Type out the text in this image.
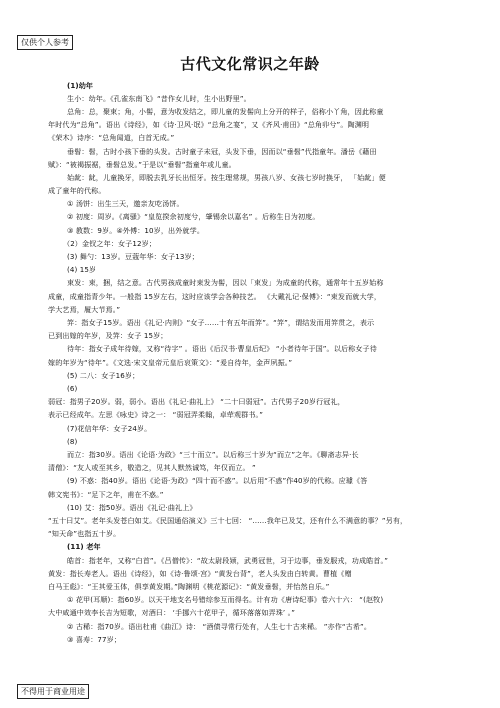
仅供个人参考
古代文化常识之年龄
(1)幼年
生小：幼年。《孔雀东南飞》“昔作女儿时，生小出野里”。
总角：总，聚束；角，小髻，意为收发结之，即儿童的发髻向上分开的样子，俗称小丫角，因此称童
年时代为“总角”。语出《诗经》，如《诗·卫风·氓》“总角之宴”，又《齐风·甫田》“总角丱兮”。陶渊明
《荣木》诗序：“总角闻道，白首无成。”
垂髫：髫，古时小孩下垂的头发。古时童子未冠，头发下垂，因而以“垂髫”代指童年。潘岳《藉田
赋》：“被褐振裾，垂髫总发。”于是以“垂髫”指童年或儿童。
始龀：龀，儿童换牙，即脱去乳牙长出恒牙。按生理常规，男孩八岁、女孩七岁时换牙， 「始龀」便
成了童年的代称。
① 汤饼：出生三天，邀亲友吃汤饼。
② 初度：周岁。《离骚》“皇览揆余初度兮，肇锡余以嘉名” 。后称生日为初度。
③ 教数：9岁。④外傅：10岁，出外就学。
（2）金钗之年：女子12岁；
(3) 舞勺：13岁。豆蔻年华：女子13岁；
(4) 15岁
束发：束，捆，结之意。古代男孩成童时束发为髻，因以「束发」为成童的代称，通常年十五岁始称
成童，成童指青少年。一般指 15岁左右，这时应该学会各种技艺。 《大戴礼记·保傅》：“束发而就大学，
学大艺焉，履大节焉。”
笄：指女子15岁。语出《礼记·内则》“女子……十有五年而笄”。“笄”，谓结发而用笄贯之，表示
已到出嫁的年岁，及笄：女子 15岁；
待年：指女子成年待嫁，又称“待字” 。语出《后汉书·曹皇后纪》 “小者待年于国”。以后称女子待
嫁的年岁为“待年”。《文选·宋文皇帝元皇后哀策文》：“爰自待年，金声夙振。”
(5) 二八：女子16岁；
(6)
弱冠：指男子20岁。弱，弱小。语出《礼记·曲礼上》 “二十曰弱冠”。古代男子20岁行冠礼，
表示已经成年。左思《咏史》诗之一： “弱冠弄柔翰，卓荦观群书。”
(7)花信年华：女子24岁。
(8)
而立：指30岁。语出《论语·为政》“三十而立”。以后称三十岁为“而立”之年。《聊斋志异·长
清僧》：“友人或至其乡，敬造之，见其人默然诚笃，年仅而立。 ”
(9) 不惑：指40岁。语出《论语·为政》“四十而不惑”。以后用“不惑”作40岁的代称。应璩《答
韩文宪书》：“足下之年，甫在不惑。”
(10) 艾：指50岁。语出《礼记·曲礼上》
“五十曰艾”。老年头发苍白如艾。《民国通俗演义》三十七回： “……我年已及艾，还有什么不满意的事？”另有，
“知天命”也指五十岁。
(11) 老年
皓首：指老年，又称“白首”。《吕僧传》：“故太尉段颎，武勇冠世，习于边事，垂发服戎，功成皓首。”
黄发：指长寿老人。语出《诗经》，如《诗·鲁颂·宫》“黄发台背”，老人头发由白转黄。曹植《赠
白马王彪》：“王其爱玉体，俱享黄发期。”陶渊明《桃花源记》：“黄发垂髫，并怡然自乐。”
① 花甲(耳顺)：指60岁。以天干地支名号错综参互而得名。计有功《唐诗纪事》卷六十六： “(赵牧)
大中咸通中效李长吉为短歌，对酒曰： ‘手挪六十花甲子，循环落落如弄珠’ 。”
② 古稀：指70岁。语出杜甫《曲江》诗： “酒债寻常行处有，人生七十古来稀。 ”亦作“古希”。
③ 喜寿：77岁；
不得用于商业用途
